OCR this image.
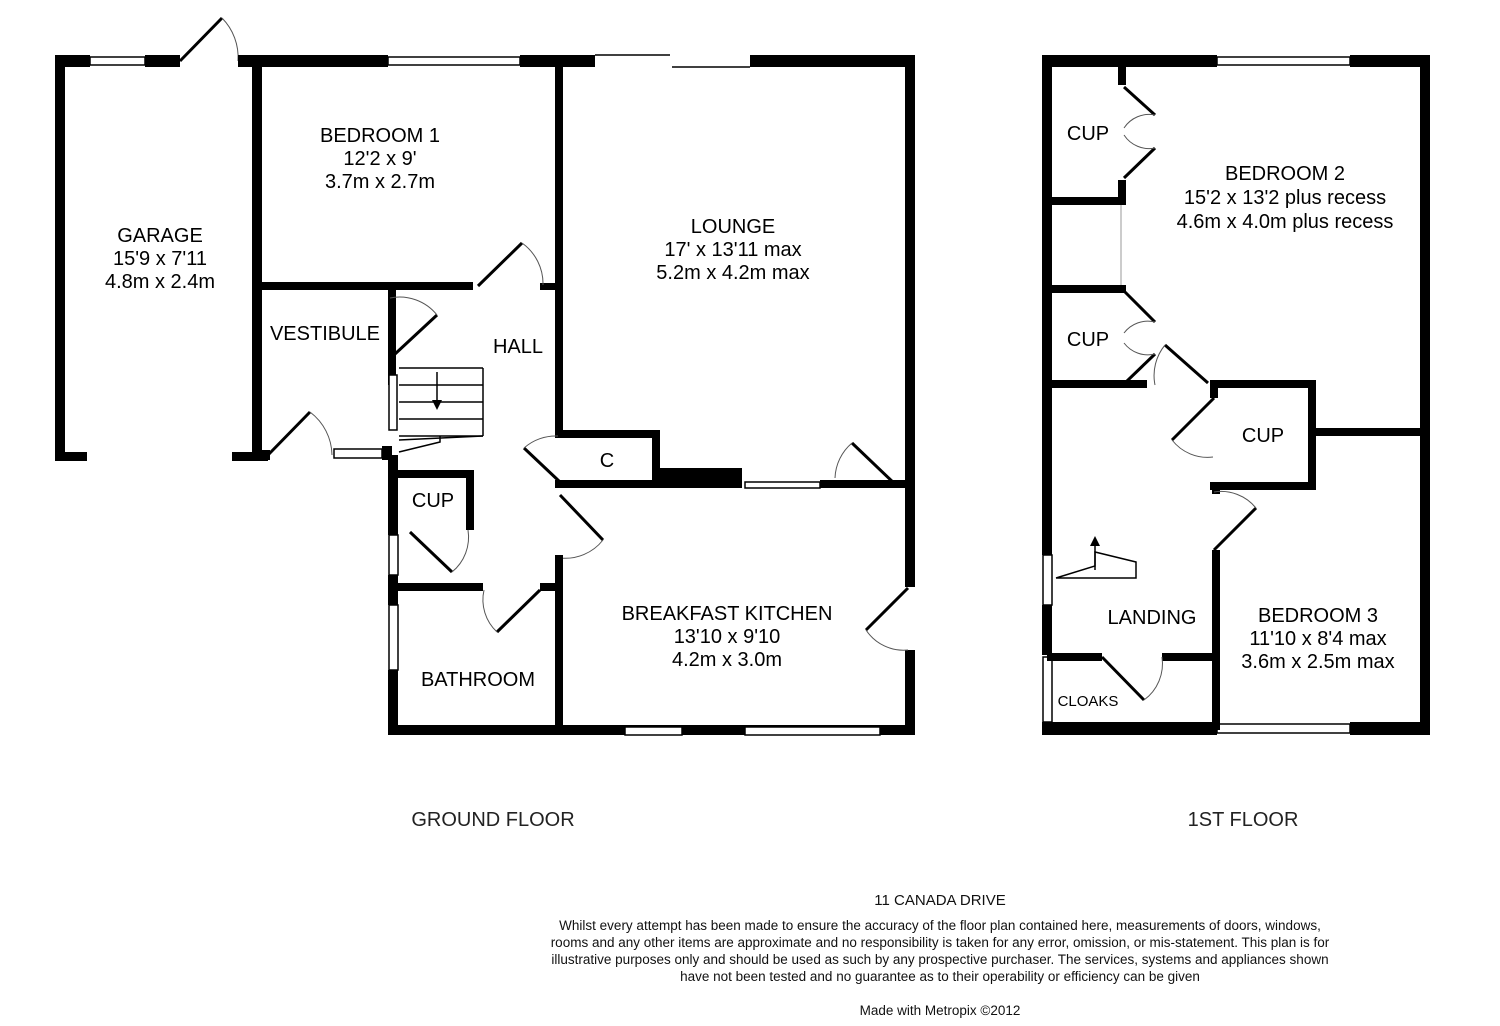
GARAGE
15'9 x 7'11
4.8m x 2.4m
BEDROOM 1
12'2 x 9'
3.7m x 2.7m
LOUNGE
17' x 13'11 max
5.2m x 4.2m max
VESTIBULE
HALL
C
CUP
BATHROOM
BREAKFAST KITCHEN
13'10 x 9'10
4.2m x 3.0m
GROUND FLOOR
CUP
BEDROOM 2
15'2 x 13'2 plus recess
4.6m x 4.0m plus recess
CUP
CUP
LANDING	BEDROOM 3
11'10 x 8'4 max
3.6m x 2.5m max
CLOAKS
1ST FLOOR
11 CANADA DRIVE
Whilst every attempt has been made to ensure the accuracy of the floor plan contained here, measurements of doors, windows, rooms and any other items are approximate and no responsibility is taken for any error, omission, or mis-statement. This plan is for illustrative purposes only and should be used as such by any prospective purchaser. The services, systems and appliances shown have not been tested and no guarantee as to their operability or efficiency can be given
Made with Metropix ©2012
